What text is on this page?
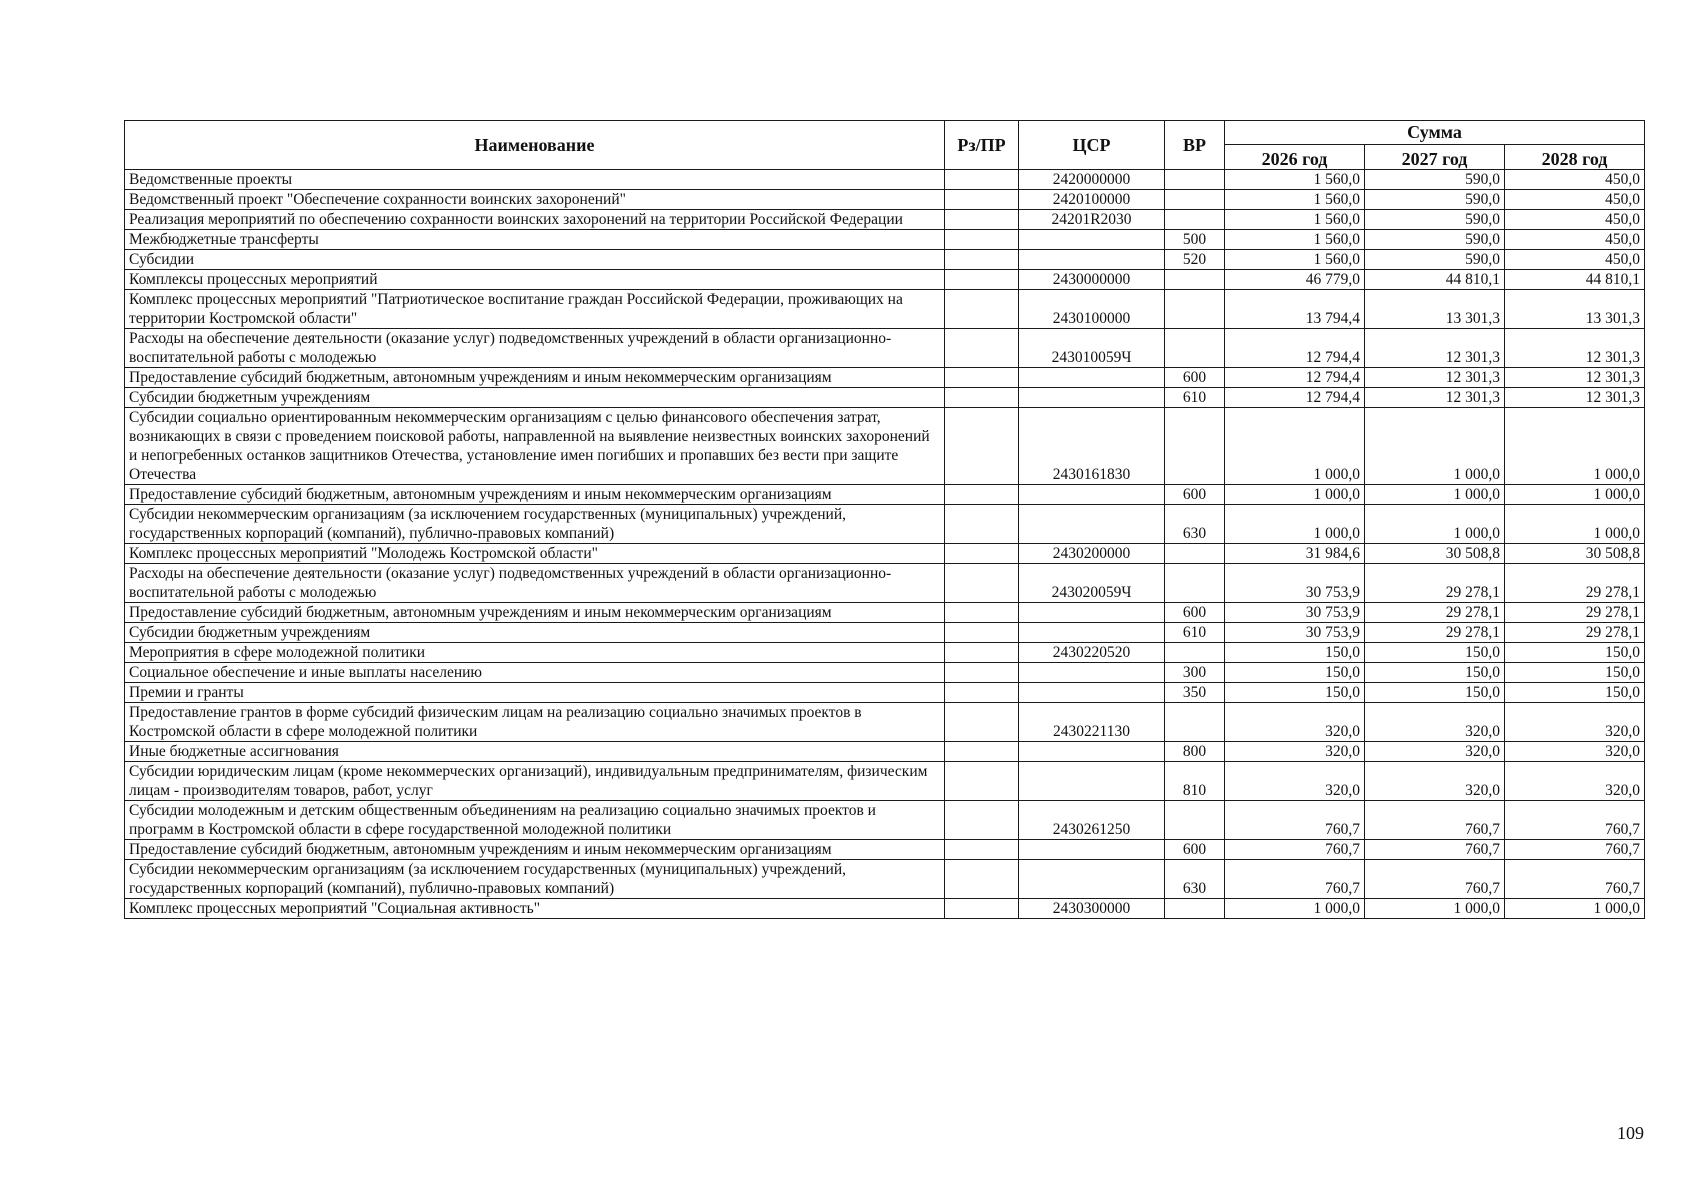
Наименование	Рз/ПР	ЦСР	ВР	Сумма		
				2026 год	2027 год	2028 год
Ведомственные проекты		2420000000		1 560,0	590,0	450,0
Ведомственный проект "Обеспечение сохранности воинских захоронений"		2420100000		1 560,0	590,0	450,0
Реализация мероприятий по обеспечению сохранности воинских захоронений на территории Российской Федерации		24201R2030		1 560,0	590,0	450,0
Межбюджетные трансферты			500	1 560,0	590,0	450,0
Субсидии			520	1 560,0	590,0	450,0
Комплексы процессных мероприятий		2430000000		46 779,0	44 810,1	44 810,1
Комплекс процессных мероприятий "Патриотическое воспитание граждан Российской Федерации, проживающих на территории Костромской области"		2430100000		13 794,4	13 301,3	13 301,3
Расходы на обеспечение деятельности (оказание услуг) подведомственных учреждений в области организационно-воспитательной работы с молодежью		243010059Ч		12 794,4	12 301,3	12 301,3
Предоставление субсидий бюджетным, автономным учреждениям и иным некоммерческим организациям			600	12 794,4	12 301,3	12 301,3
Субсидии бюджетным учреждениям			610	12 794,4	12 301,3	12 301,3
Субсидии социально ориентированным некоммерческим организациям с целью финансового обеспечения затрат, возникающих в связи с проведением поисковой работы, направленной на выявление неизвестных воинских захоронений и непогребенных останков защитников Отечества, установление имен погибших и пропавших без вести при защите Отечества		2430161830		1 000,0	1 000,0	1 000,0
Предоставление субсидий бюджетным, автономным учреждениям и иным некоммерческим организациям			600	1 000,0	1 000,0	1 000,0
Субсидии некоммерческим организациям (за исключением государственных (муниципальных) учреждений, государственных корпораций (компаний), публично-правовых компаний)			630	1 000,0	1 000,0	1 000,0
Комплекс процессных мероприятий "Молодежь Костромской области"		2430200000		31 984,6	30 508,8	30 508,8
Расходы на обеспечение деятельности (оказание услуг) подведомственных учреждений в области организационно-воспитательной работы с молодежью		243020059Ч		30 753,9	29 278,1	29 278,1
Предоставление субсидий бюджетным, автономным учреждениям и иным некоммерческим организациям			600	30 753,9	29 278,1	29 278,1
Субсидии бюджетным учреждениям			610	30 753,9	29 278,1	29 278,1
Мероприятия в сфере молодежной политики		2430220520		150,0	150,0	150,0
Социальное обеспечение и иные выплаты населению			300	150,0	150,0	150,0
Премии и гранты			350	150,0	150,0	150,0
Предоставление грантов в форме субсидий физическим лицам на реализацию социально значимых проектов в Костромской области в сфере молодежной политики		2430221130		320,0	320,0	320,0
Иные бюджетные ассигнования			800	320,0	320,0	320,0
Субсидии юридическим лицам (кроме некоммерческих организаций), индивидуальным предпринимателям, физическим лицам - производителям товаров, работ, услуг			810	320,0	320,0	320,0
Субсидии молодежным и детским общественным объединениям на реализацию социально значимых проектов и программ в Костромской области в сфере государственной молодежной политики		2430261250		760,7	760,7	760,7
Предоставление субсидий бюджетным, автономным учреждениям и иным некоммерческим организациям			600	760,7	760,7	760,7
Субсидии некоммерческим организациям (за исключением государственных (муниципальных) учреждений, государственных корпораций (компаний), публично-правовых компаний)			630	760,7	760,7	760,7
Комплекс процессных мероприятий "Социальная активность"		2430300000		1 000,0	1 000,0	1 000,0
109
